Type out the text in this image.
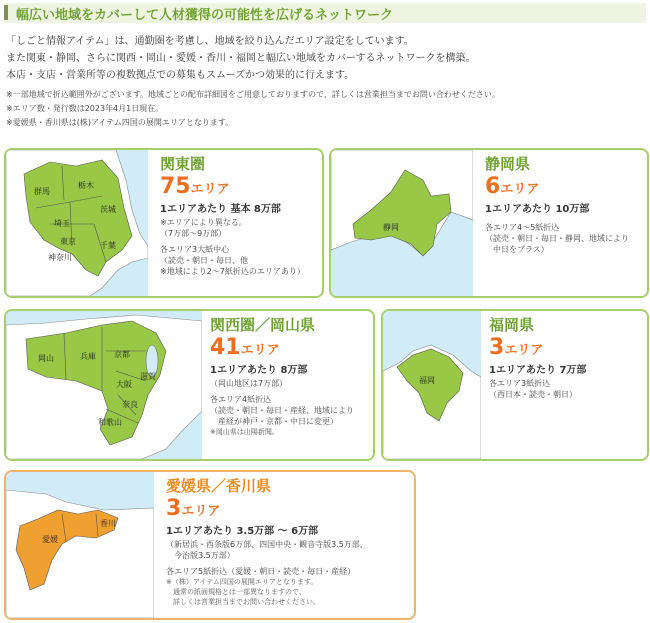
幅広い地域をカバーして人材獲得の可能性を広げるネットワーク
「しごと情報アイテム」は、通勤圏を考慮し、地域を絞り込んだエリア設定をしています。
また関東・静岡、さらに関西・岡山・愛媛・香川・福岡と幅広い地域をカバーするネットワークを構築。
本店・支店・営業所等の複数拠点での募集もスムーズかつ効果的に行えます。
※一部地域で折込範囲外がございます。地域ごとの配布詳細図をご用意しておりますので、詳しくは営業担当までお問い合わせください。
※エリア数・発行数は2023年4月1日現在。
※愛媛県・香川県は(株)アイテム四国の展開エリアとなります。
群馬
栃木
茨城
埼玉
東京	千葉
神奈川
関東圏
75エリア
1エリアあたり 基本 8万部
※エリアにより異なる。
（7万部～9万部）
各エリア3大紙中心
（読売・朝日・毎日、他
※地域により2～7紙折込のエリアあり）
静岡
静岡県
6エリア
1エリアあたり 10万部
各エリア4～5紙折込
（読売・朝日・毎日・静岡、地域により
　中日をプラス）
岡山	兵庫 京都
滋賀
大阪
奈良
和歌山
関西圏／岡山県
41エリア
1エリアあたり 8万部
（岡山地区は7万部）
各エリア4紙折込
（読売・朝日・毎日・産経、地域により
　産経が神戸・京都・中日に変更）
※岡山県は山陽新聞。
福岡
福岡県
3エリア
1エリアあたり 7万部
各エリア3紙折込
（西日本・読売・朝日）
香川
愛媛
愛媛県／香川県
3エリア
1エリアあたり 3.5万部 ～ 6万部
（新居浜・西条版6万部、四国中央・観音寺版3.5万部、
　今治版3.5万部）
各エリア5紙折込（愛媛・朝日・読売・毎日・産経）
※（株）アイテム四国の展開エリアとなります。
　通常の紙面規格とは一部異なりますので、
　詳しくは営業担当までお問い合わせください。
